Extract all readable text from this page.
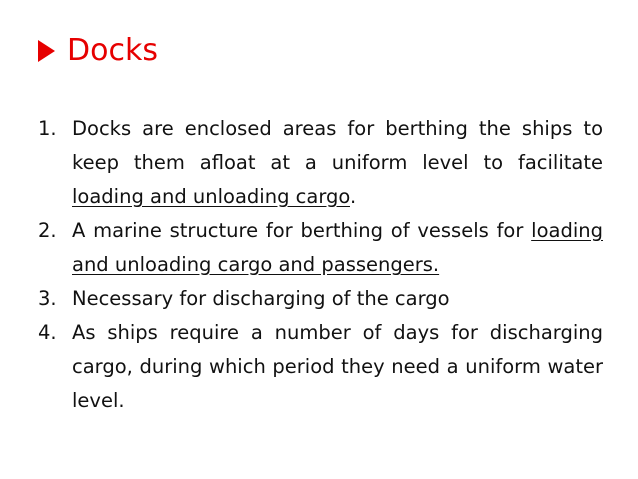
Docks
1. Docks are enclosed areas for berthing the ships to keep them afloat at a uniform level to facilitate loading and unloading cargo.
2. A marine structure for berthing of vessels for loading and unloading cargo and passengers.
3. Necessary for discharging of the cargo
4. As ships require a number of days for discharging cargo, during which period they need a uniform water level.
